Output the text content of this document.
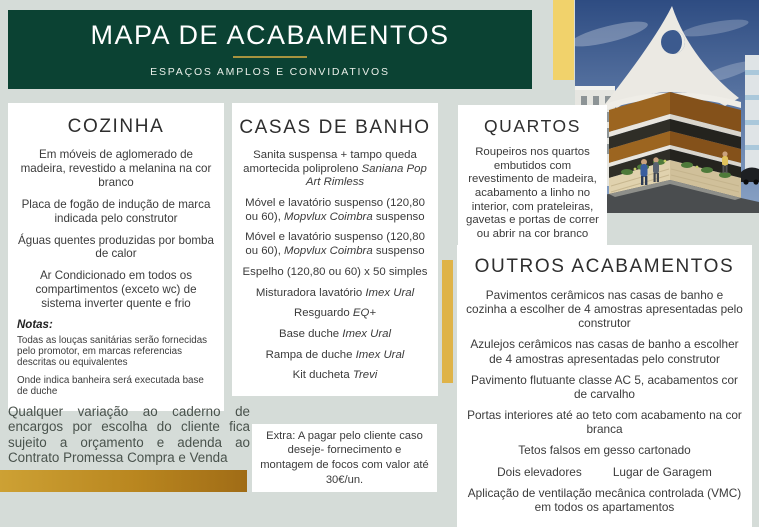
MAPA DE ACABAMENTOS
ESPAÇOS AMPLOS E CONVIDATIVOS
COZINHA
Em móveis de aglomerado de madeira, revestido a melanina na cor branco
Placa de fogão de indução de marca indicada pelo construtor
Águas quentes produzidas por bomba de calor
Ar Condicionado em todos os compartimentos (exceto wc) de sistema inverter quente e frio

Notas:

Todas as louças sanitárias serão fornecidas pelo promotor, em marcas referencias descritas ou equivalentes
Onde indica banheira será executada base de duche
CASAS DE BANHO
Sanita suspensa + tampo queda amortecida poliproleno Saniana Pop Art Rimless
Móvel e lavatório suspenso (120,80 ou 60), Mopvlux Coimbra suspenso
Móvel e lavatório suspenso (120,80 ou 60), Mopvlux Coimbra suspenso
Espelho (120,80 ou 60) x 50 simples
Misturadora lavatório Imex Ural
Resguardo EQ+
Base duche Imex Ural
Rampa de duche Imex Ural
Kit ducheta Trevi
QUARTOS
Roupeiros nos quartos embutidos com revestimento de madeira, acabamento a linho no interior, com prateleiras, gavetas e portas de correr ou abrir na cor branco
OUTROS ACABAMENTOS
Pavimentos cerâmicos nas casas de banho e cozinha a escolher de 4 amostras apresentadas pelo construtor
Azulejos cerâmicos nas casas de banho a escolher de 4 amostras apresentadas pelo construtor
Pavimento flutuante classe AC 5, acabamentos cor de carvalho
Portas interiores até ao teto com acabamento na cor branca
Tetos falsos em gesso cartonado
Dois elevadores	Lugar de Garagem
Aplicação de ventilação mecânica controlada (VMC) em todos os apartamentos
Qualquer variação ao caderno de encargos por escolha do cliente fica sujeito a orçamento e adenda ao Contrato Promessa Compra e Venda
Extra: A pagar pelo cliente caso deseje- fornecimento e montagem de focos com valor até 30€/un.
